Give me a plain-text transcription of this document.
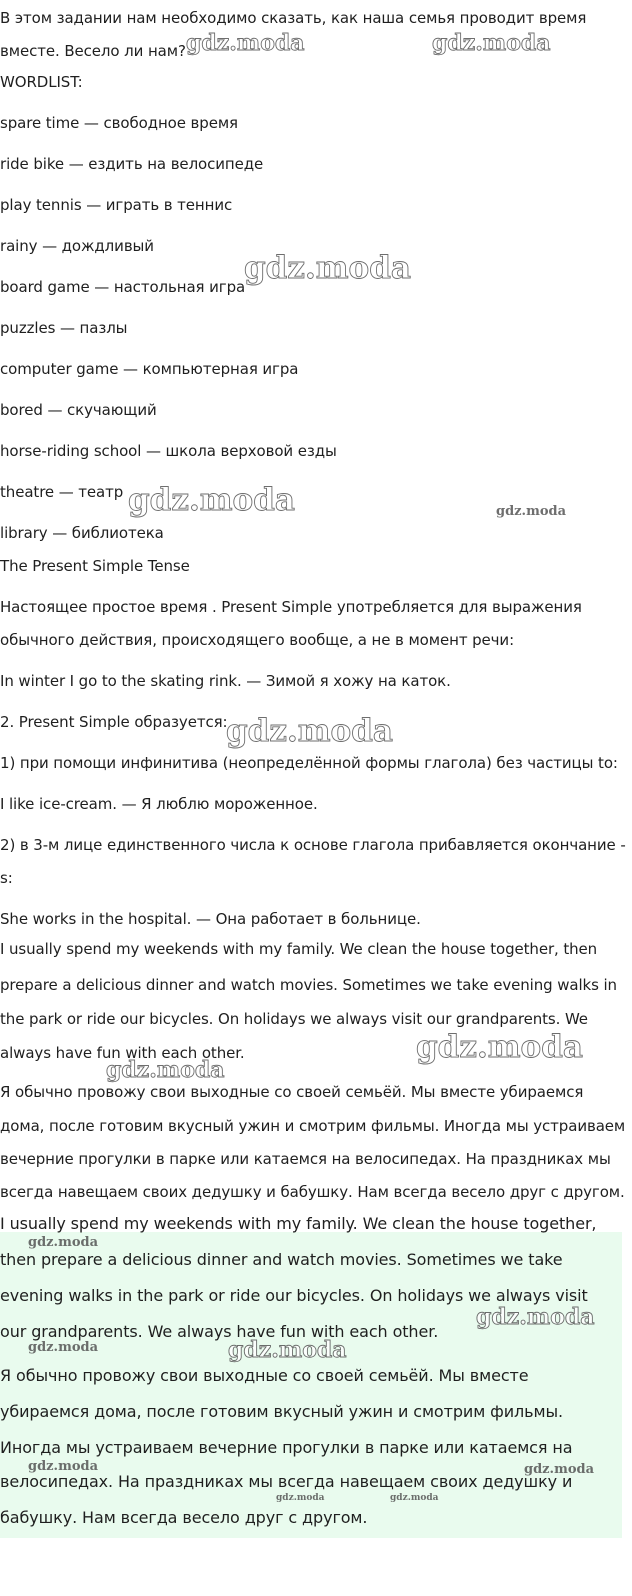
В этом задании нам необходимо сказать, как наша семья проводит время
вместе. Весело ли нам?
WORDLIST:
spare time — свободное время
ride bike — ездить на велосипеде
play tennis — играть в теннис
rainy — дождливый
board game — настольная игра
puzzles — пазлы
computer game — компьютерная игра
bored — скучающий
horse-riding school — школа верховой езды
theatre — театр
library — библиотека
The Present Simple Tense
Настоящее простое время . Present Simple употребляется для выражения
обычного действия, происходящего вообще, а не в момент речи:
In winter I go to the skating rink. — Зимой я хожу на каток.
2. Present Simple образуется:
1) при помощи инфинитива (неопределённой формы глагола) без частицы to:
I like ice-cream. — Я люблю мороженное.
2) в 3-м лице единственного числа к основе глагола прибавляется окончание -
s:
She works in the hospital. — Она работает в больнице.
I usually spend my weekends with my family. We clean the house together, then
prepare a delicious dinner and watch movies. Sometimes we take evening walks in
the park or ride our bicycles. On holidays we always visit our grandparents. We
always have fun with each other.
Я обычно провожу свои выходные со своей семьёй. Мы вместе убираемся
дома, после готовим вкусный ужин и смотрим фильмы. Иногда мы устраиваем
вечерние прогулки в парке или катаемся на велосипедах. На праздниках мы
всегда навещаем своих дедушку и бабушку. Нам всегда весело друг с другом.
I usually spend my weekends with my family. We clean the house together,
then prepare a delicious dinner and watch movies. Sometimes we take
evening walks in the park or ride our bicycles. On holidays we always visit
our grandparents. We always have fun with each other.
Я обычно провожу свои выходные со своей семьёй. Мы вместе
убираемся дома, после готовим вкусный ужин и смотрим фильмы.
Иногда мы устраиваем вечерние прогулки в парке или катаемся на
велосипедах. На праздниках мы всегда навещаем своих дедушку и
бабушку. Нам всегда весело друг с другом.
gdz.moda	gdz.moda
gdz.moda
gdz.moda	gdz.moda
gdz.moda
gdz.moda
gdz.moda
gdz.moda
gdz.moda
gdz.moda	gdz.moda
gdz.moda	gdz.moda
gdz.moda	gdz.moda
